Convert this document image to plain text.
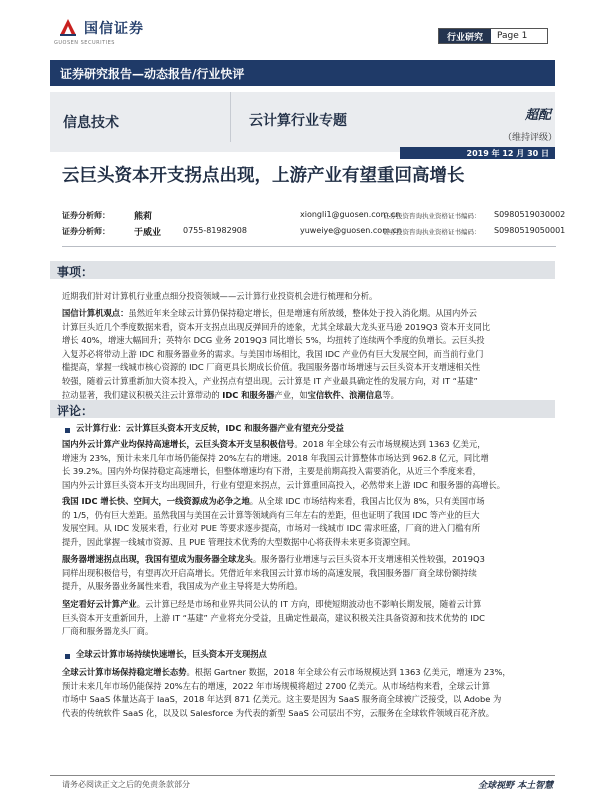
国信证券
GUOSEN SECURITIES
行业研究	Page 1
证券研究报告—动态报告/行业快评
信息技术	云计算行业专题	超配
（维持评级）
2019 年 12 月 30 日
云巨头资本开支拐点出现，上游产业有望重回高增长
证券分析师：	熊莉	xiongli1@guosen.com.cn
证券投资咨询执业资格证书编码： S0980519030002
证券分析师：	于威业	0755-81982908	yuweiye@guosen.com.cn
证券投资咨询执业资格证书编码： S0980519050001
事项：
近期我们针对计算机行业重点细分投资领域——云计算行业投资机会进行梳理和分析。
国信计算机观点：虽然近年来全球云计算仍保持稳定增长，但是增速有所放缓，整体处于投入消化期。从国内外云
计算巨头近几个季度数据来看，资本开支拐点出现反弹回升的迹象，尤其全球最大龙头亚马逊 2019Q3 资本开支同比
增长 40%，增速大幅回升；英特尔 DCG 业务 2019Q3 同比增长 5%，均扭转了连续两个季度的负增长。云巨头投
入复苏必将带动上游 IDC 和服务器业务的需求。与美国市场相比，我国 IDC 产业仍有巨大发展空间，而当前行业门
槛提高，掌握一线城市核心资源的 IDC 厂商更具长期成长价值。我国服务器市场增速与云巨头资本开支增速相关性
较强，随着云计算重新加大资本投入，产业拐点有望出现。云计算是 IT 产业最具确定性的发展方向，对 IT “基建”
拉动显著，我们建议积极关注云计算带动的 IDC 和服务器产业，如宝信软件、浪潮信息等。
评论：
云计算行业：云计算巨头资本开支反转，IDC 和服务器产业有望充分受益
国内外云计算产业均保持高速增长，云巨头资本开支呈积极信号。2018 年全球公有云市场规模达到 1363 亿美元，
增速为 23%，预计未来几年市场仍能保持 20%左右的增速。2018 年我国云计算整体市场达到 962.8 亿元，同比增
长 39.2%。国内外均保持稳定高速增长，但整体增速均有下滑，主要是前期高投入需要消化，从近三个季度来看，
国内外云计算巨头资本开支均出现回升，行业有望迎来拐点，云计算重回高投入，必然带来上游 IDC 和服务器的高增长。
我国 IDC 增长快、空间大，一线资源成为必争之地。从全球 IDC 市场结构来看，我国占比仅为 8%，只有美国市场
的 1/5，仍有巨大差距。虽然我国与美国在云计算等领域尚有三年左右的差距，但也证明了我国 IDC 等产业的巨大
发展空间。从 IDC 发展来看，行业对 PUE 等要求逐步提高，市场对一线城市 IDC 需求旺盛，厂商的进入门槛有所
提升，因此掌握一线城市资源、且 PUE 管理技术优秀的大型数据中心将获得未来更多资源空间。
服务器增速拐点出现，我国有望成为服务器全球龙头。服务器行业增速与云巨头资本开支增速相关性较强，2019Q3
同样出现积极信号，有望再次开启高增长。凭借近年来我国云计算市场的高速发展，我国服务器厂商全球份额持续
提升，从服务器业务属性来看，我国成为产业主导将是大势所趋。
坚定看好云计算产业。云计算已经是市场和业界共同公认的 IT 方向，即使短期波动也不影响长期发展，随着云计算
巨头资本开支重新回升，上游 IT “基建” 产业将充分受益，且确定性最高，建议积极关注具备资源和技术优势的 IDC
厂商和服务器龙头厂商。
全球云计算市场持续快速增长，巨头资本开支现拐点
全球云计算市场保持稳定增长态势。根据 Gartner 数据，2018 年全球公有云市场规模达到 1363 亿美元，增速为 23%，
预计未来几年市场仍能保持 20%左右的增速，2022 年市场规模将超过 2700 亿美元。从市场结构来看，全球云计算
市场中 SaaS 体量达高于 IaaS，2018 年达到 871 亿美元。这主要是因为 SaaS 服务商全球被广泛接受，以 Adobe 为
代表的传统软件 SaaS 化，以及以 Salesforce 为代表的新型 SaaS 公司层出不穷，云服务在全球软件领域百花齐放。
请务必阅读正文之后的免责条款部分	全球视野 本土智慧
